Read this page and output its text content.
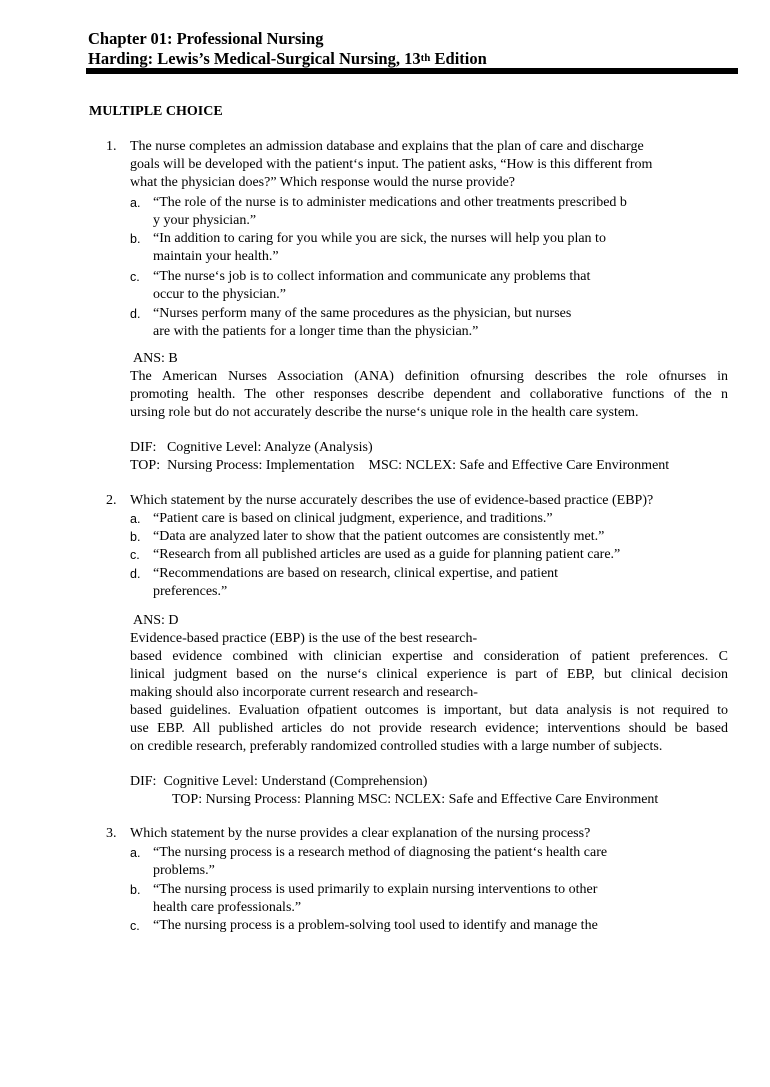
Chapter 01: Professional Nursing
Harding: Lewis’s Medical-Surgical Nursing, 13th Edition
MULTIPLE CHOICE
1. The nurse completes an admission database and explains that the plan of care and discharge
goals will be developed with the patient‘s input. The patient asks, “How is this different from
what the physician does?” Which response would the nurse provide?
a. “The role of the nurse is to administer medications and other treatments prescribed b
y your physician.”
b. “In addition to caring for you while you are sick, the nurses will help you plan to
maintain your health.”
c. “The nurse‘s job is to collect information and communicate any problems that
occur to the physician.”
d. “Nurses perform many of the same procedures as the physician, but nurses
are with the patients for a longer time than the physician.”
ANS: B
The American Nurses Association (ANA) definition ofnursing describes the role ofnurses in
promoting health. The other responses describe dependent and collaborative functions of the n
ursing role but do not accurately describe the nurse‘s unique role in the health care system.
DIF:   Cognitive Level: Analyze (Analysis)
TOP:  Nursing Process: Implementation    MSC: NCLEX: Safe and Effective Care Environment
2. Which statement by the nurse accurately describes the use of evidence-based practice (EBP)?
a. “Patient care is based on clinical judgment, experience, and traditions.”
b. “Data are analyzed later to show that the patient outcomes are consistently met.”
c. “Research from all published articles are used as a guide for planning patient care.”
d. “Recommendations are based on research, clinical expertise, and patient
preferences.”
ANS: D
Evidence-based practice (EBP) is the use of the best research-
based evidence combined with clinician expertise and consideration of patient preferences. C
linical judgment based on the nurse‘s clinical experience is part of EBP, but clinical decision
making should also incorporate current research and research-
based guidelines. Evaluation ofpatient outcomes is important, but data analysis is not required to
use EBP. All published articles do not provide research evidence; interventions should be based
on credible research, preferably randomized controlled studies with a large number of subjects.
DIF:  Cognitive Level: Understand (Comprehension)
TOP: Nursing Process: Planning MSC: NCLEX: Safe and Effective Care Environment
3. Which statement by the nurse provides a clear explanation of the nursing process?
a. “The nursing process is a research method of diagnosing the patient‘s health care
problems.”
b. “The nursing process is used primarily to explain nursing interventions to other
health care professionals.”
c. “The nursing process is a problem-solving tool used to identify and manage the
